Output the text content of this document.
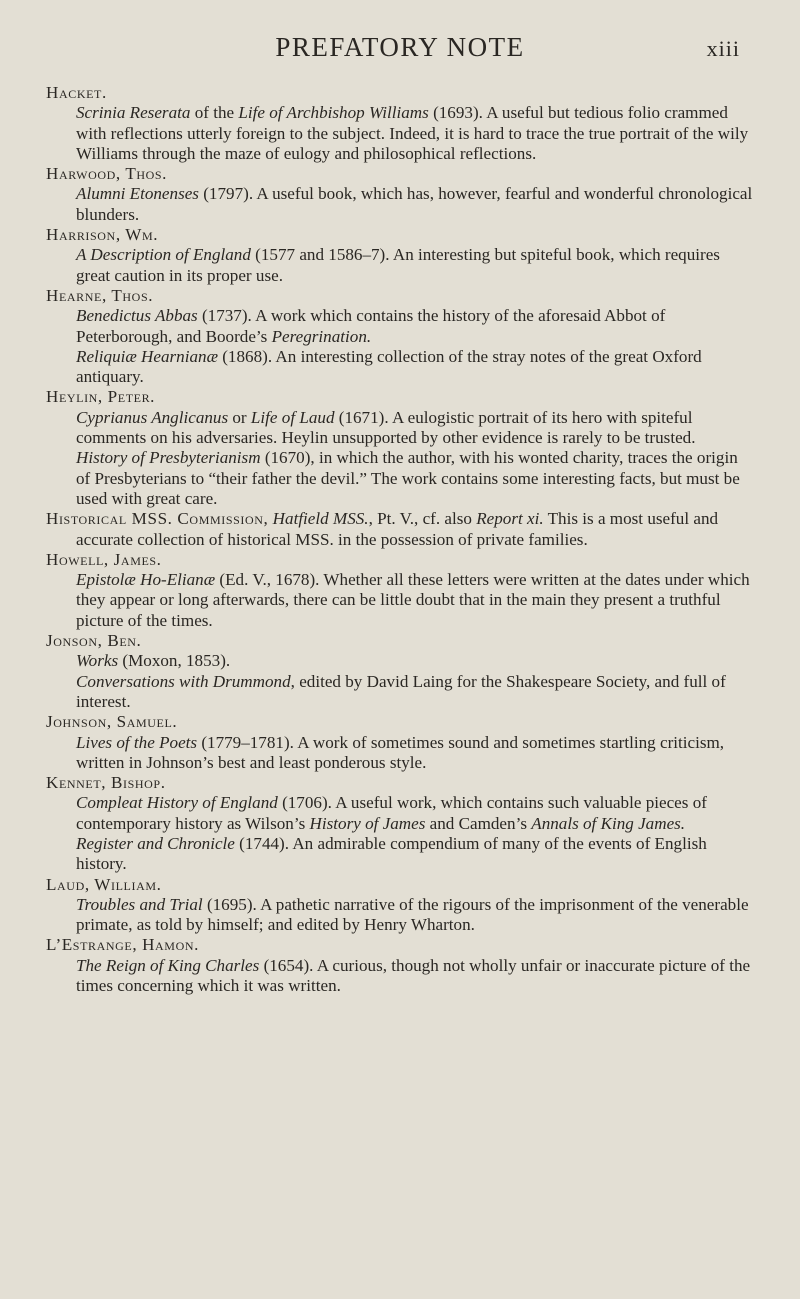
PREFATORY NOTE	xiii
Hacket.
Scrinia Reserata of the Life of Archbishop Williams (1693). A useful but tedious folio crammed with reflections utterly foreign to the subject. Indeed, it is hard to trace the true portrait of the wily Williams through the maze of eulogy and philosophical reflections.
Harwood, Thos.
Alumni Etonenses (1797). A useful book, which has, however, fearful and wonderful chronological blunders.
Harrison, Wm.
A Description of England (1577 and 1586–7). An interesting but spiteful book, which requires great caution in its proper use.
Hearne, Thos.
Benedictus Abbas (1737). A work which contains the history of the aforesaid Abbot of Peterborough, and Boorde’s Peregrination.
Reliquiæ Hearnianæ (1868). An interesting collection of the stray notes of the great Oxford antiquary.
Heylin, Peter.
Cyprianus Anglicanus or Life of Laud (1671). A eulogistic portrait of its hero with spiteful comments on his adversaries. Heylin unsupported by other evidence is rarely to be trusted.
History of Presbyterianism (1670), in which the author, with his wonted charity, traces the origin of Presbyterians to “their father the devil.” The work contains some interesting facts, but must be used with great care.
Historical MSS. Commission, Hatfield MSS., Pt. V., cf. also Report xi. This is a most useful and accurate collection of historical MSS. in the possession of private families.
Howell, James.
Epistolæ Ho-Elianæ (Ed. V., 1678). Whether all these letters were written at the dates under which they appear or long afterwards, there can be little doubt that in the main they present a truthful picture of the times.
Jonson, Ben.
Works (Moxon, 1853).
Conversations with Drummond, edited by David Laing for the Shakespeare Society, and full of interest.
Johnson, Samuel.
Lives of the Poets (1779–1781). A work of sometimes sound and sometimes startling criticism, written in Johnson’s best and least ponderous style.
Kennet, Bishop.
Compleat History of England (1706). A useful work, which contains such valuable pieces of contemporary history as Wilson’s History of James and Camden’s Annals of King James.
Register and Chronicle (1744). An admirable compendium of many of the events of English history.
Laud, William.
Troubles and Trial (1695). A pathetic narrative of the rigours of the imprisonment of the venerable primate, as told by himself; and edited by Henry Wharton.
L’Estrange, Hamon.
The Reign of King Charles (1654). A curious, though not wholly unfair or inaccurate picture of the times concerning which it was written.
